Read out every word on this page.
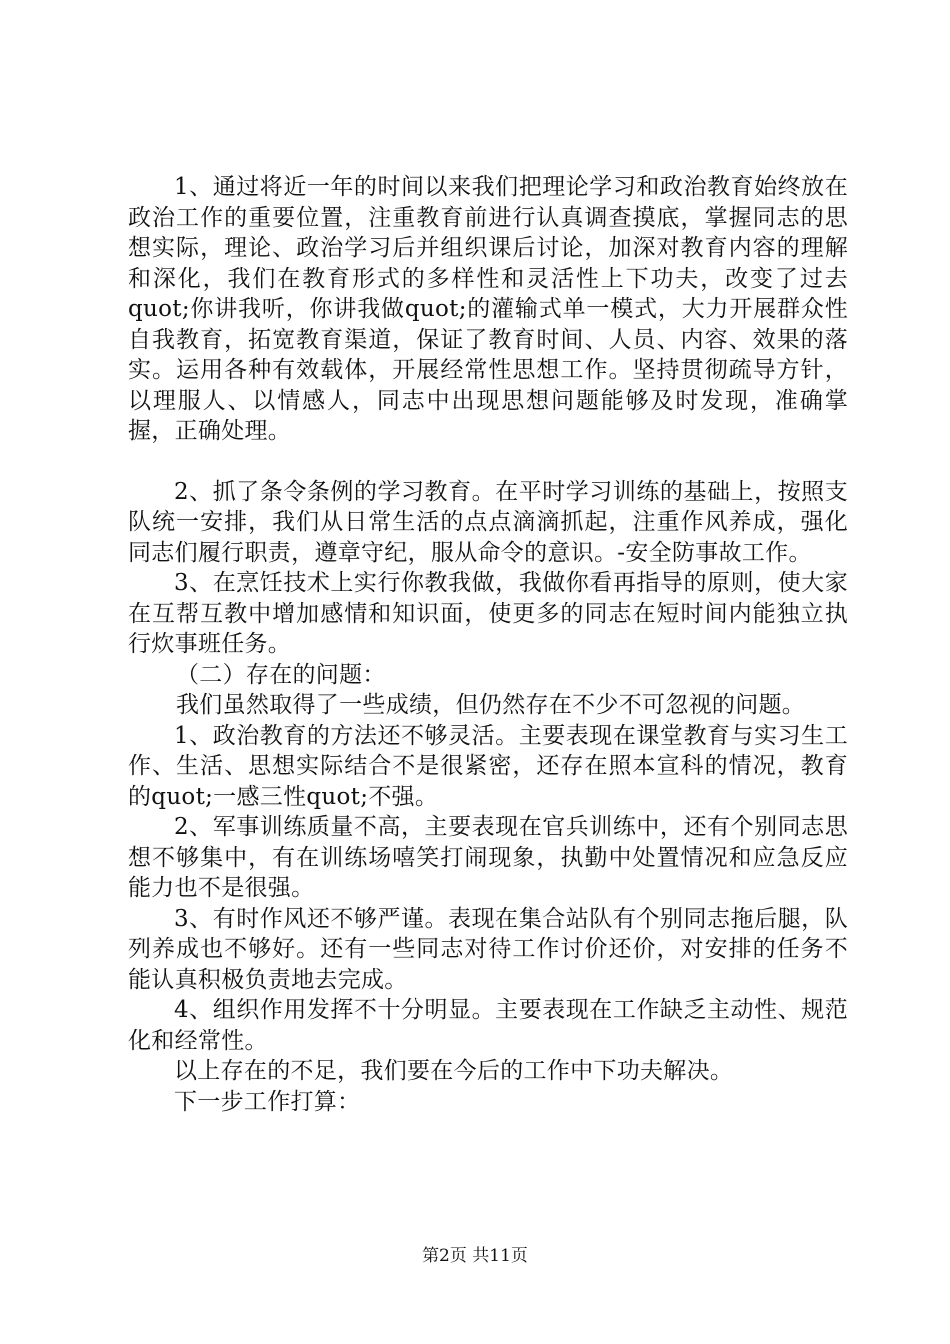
1、通过将近一年的时间以来我们把理论学习和政治教育始终放在政治工作的重要位置，注重教育前进行认真调查摸底，掌握同志的思想实际，理论、政治学习后并组织课后讨论，加深对教育内容的理解和深化，我们在教育形式的多样性和灵活性上下功夫，改变了过去quot;你讲我听，你讲我做quot;的灌输式单一模式，大力开展群众性自我教育，拓宽教育渠道，保证了教育时间、人员、内容、效果的落实。运用各种有效载体，开展经常性思想工作。坚持贯彻疏导方针，以理服人、以情感人，同志中出现思想问题能够及时发现，准确掌握，正确处理。

2、抓了条令条例的学习教育。在平时学习训练的基础上，按照支队统一安排，我们从日常生活的点点滴滴抓起，注重作风养成，强化同志们履行职责，遵章守纪，服从命令的意识。-安全防事故工作。

3、在烹饪技术上实行你教我做，我做你看再指导的原则，使大家在互帮互教中增加感情和知识面，使更多的同志在短时间内能独立执行炊事班任务。

（二）存在的问题：

我们虽然取得了一些成绩，但仍然存在不少不可忽视的问题。

1、政治教育的方法还不够灵活。主要表现在课堂教育与实习生工作、生活、思想实际结合不是很紧密，还存在照本宣科的情况，教育的quot;一感三性quot;不强。

2、军事训练质量不高，主要表现在官兵训练中，还有个别同志思想不够集中，有在训练场嘻笑打闹现象，执勤中处置情况和应急反应能力也不是很强。

3、有时作风还不够严谨。表现在集合站队有个别同志拖后腿，队列养成也不够好。还有一些同志对待工作讨价还价，对安排的任务不能认真积极负责地去完成。

4、组织作用发挥不十分明显。主要表现在工作缺乏主动性、规范化和经常性。

以上存在的不足，我们要在今后的工作中下功夫解决。

下一步工作打算：

第2页 共11页
